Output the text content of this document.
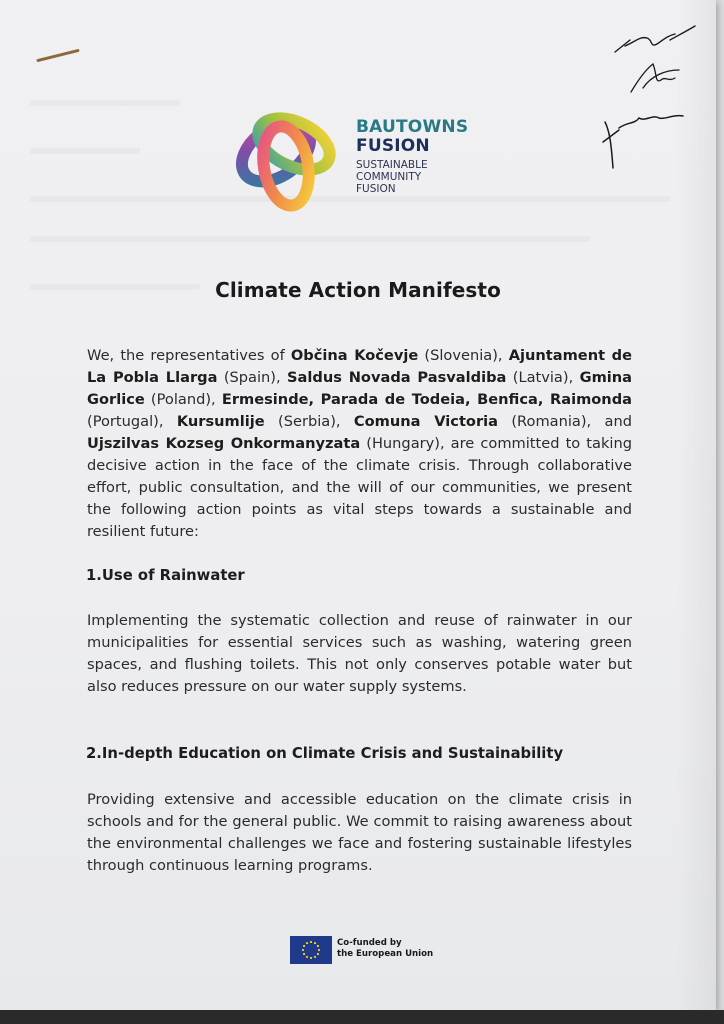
BAUTOWNS
FUSION
SUSTAINABLE
COMMUNITY
FUSION
Climate Action Manifesto
We, the representatives of Občina Kočevje (Slovenia), Ajuntament de La Pobla Llarga (Spain), Saldus Novada Pasvaldiba (Latvia), Gmina Gorlice (Poland), Ermesinde, Parada de Todeia, Benfica, Raimonda (Portugal), Kursumlije (Serbia), Comuna Victoria (Romania), and Ujszilvas Kozseg Onkormanyzata (Hungary), are committed to taking decisive action in the face of the climate crisis. Through collaborative effort, public consultation, and the will of our communities, we present the following action points as vital steps towards a sustainable and resilient future:
1.Use of Rainwater
Implementing the systematic collection and reuse of rainwater in our municipalities for essential services such as washing, watering green spaces, and flushing toilets. This not only conserves potable water but also reduces pressure on our water supply systems.
2.In-depth Education on Climate Crisis and Sustainability
Providing extensive and accessible education on the climate crisis in schools and for the general public. We commit to raising awareness about the environmental challenges we face and fostering sustainable lifestyles through continuous learning programs.
Co-funded by
the European Union
